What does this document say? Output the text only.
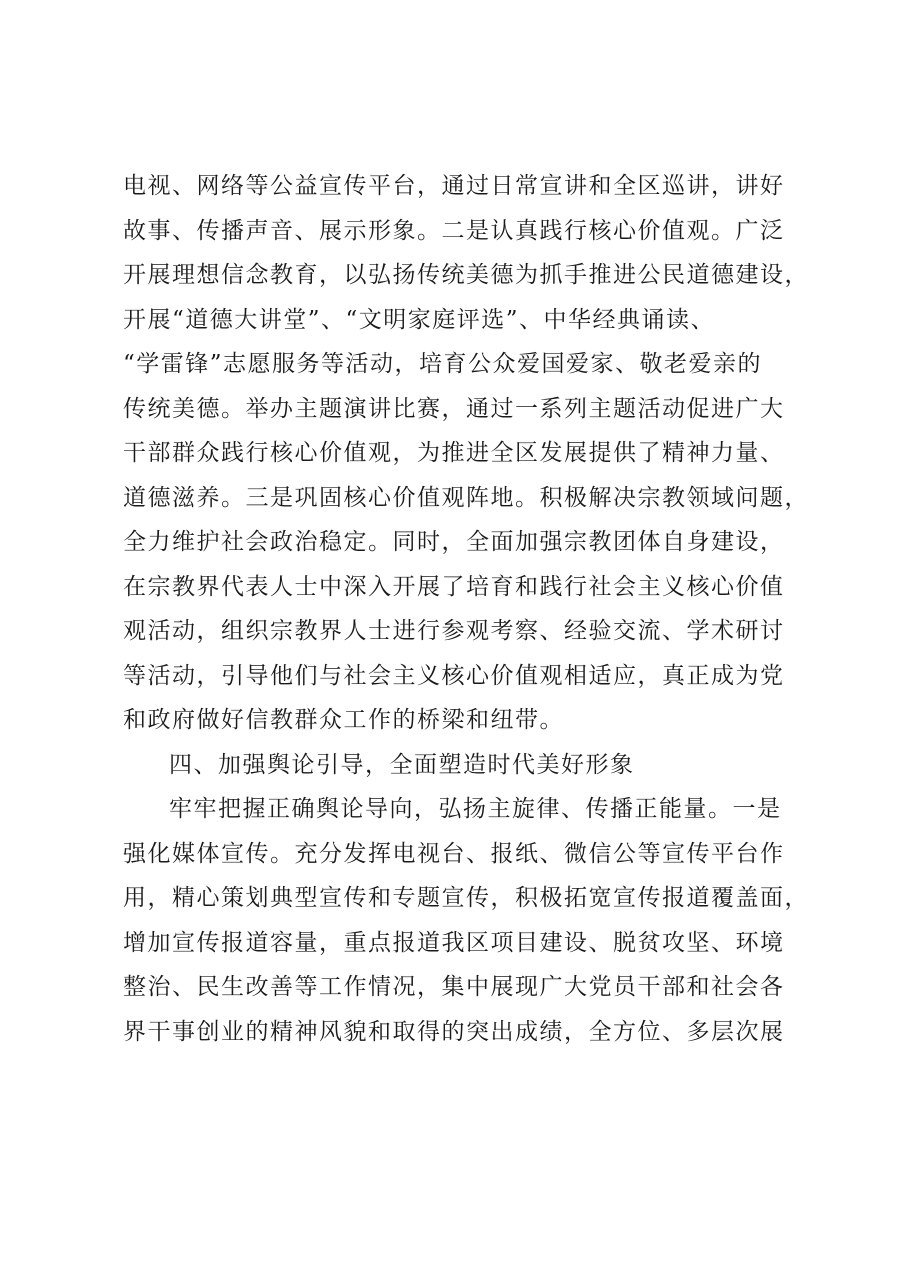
电视、网络等公益宣传平台，通过日常宣讲和全区巡讲，讲好
故事、传播声音、展示形象。二是认真践行核心价值观。广泛
开展理想信念教育，以弘扬传统美德为抓手推进公民道德建设，
开展“道德大讲堂”、“文明家庭评选”、中华经典诵读、
“学雷锋”志愿服务等活动，培育公众爱国爱家、敬老爱亲的
传统美德。举办主题演讲比赛，通过一系列主题活动促进广大
干部群众践行核心价值观，为推进全区发展提供了精神力量、
道德滋养。三是巩固核心价值观阵地。积极解决宗教领域问题，
全力维护社会政治稳定。同时，全面加强宗教团体自身建设，
在宗教界代表人士中深入开展了培育和践行社会主义核心价值
观活动，组织宗教界人士进行参观考察、经验交流、学术研讨
等活动，引导他们与社会主义核心价值观相适应，真正成为党
和政府做好信教群众工作的桥梁和纽带。
四、加强舆论引导，全面塑造时代美好形象
牢牢把握正确舆论导向，弘扬主旋律、传播正能量。一是
强化媒体宣传。充分发挥电视台、报纸、微信公等宣传平台作
用，精心策划典型宣传和专题宣传，积极拓宽宣传报道覆盖面，
增加宣传报道容量，重点报道我区项目建设、脱贫攻坚、环境
整治、民生改善等工作情况，集中展现广大党员干部和社会各
界干事创业的精神风貌和取得的突出成绩，全方位、多层次展
